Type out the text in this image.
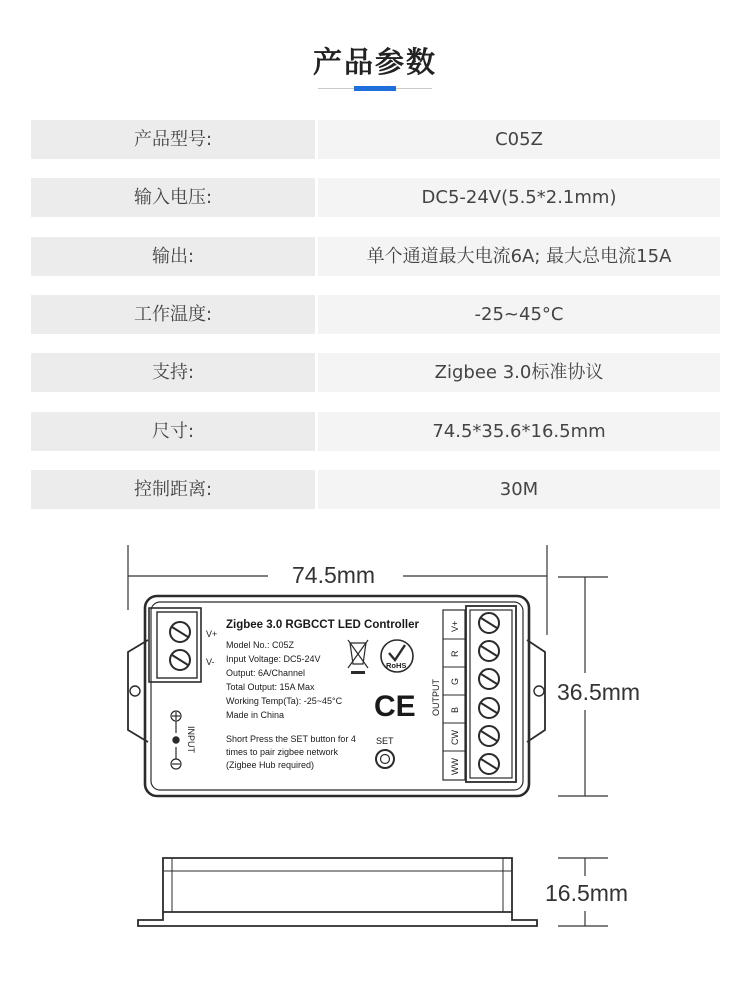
产品参数
产品型号:	C05Z
输入电压:	DC5-24V(5.5*2.1mm)
输出:	单个通道最大电流6A; 最大总电流15A
工作温度:	-25~45°C
支持:	Zigbee 3.0标准协议
尺寸:	74.5*35.6*16.5mm
控制距离:	30M
Zigbee 3.0 RGBCCT LED Controller
Model No.: C05Z
Input Voltage: DC5-24V
Output: 6A/Channel
Total Output: 15A Max
Working Temp(Ta): -25~45°C
Made in China
Short Press the SET button for 4
times to pair zigbee network
(Zigbee Hub required)
SET
V+
V-	RoHS
CE
INPUT
OUTPUT
V+
R
G
B
CW
WW
74.5mm
36.5mm
16.5mm
